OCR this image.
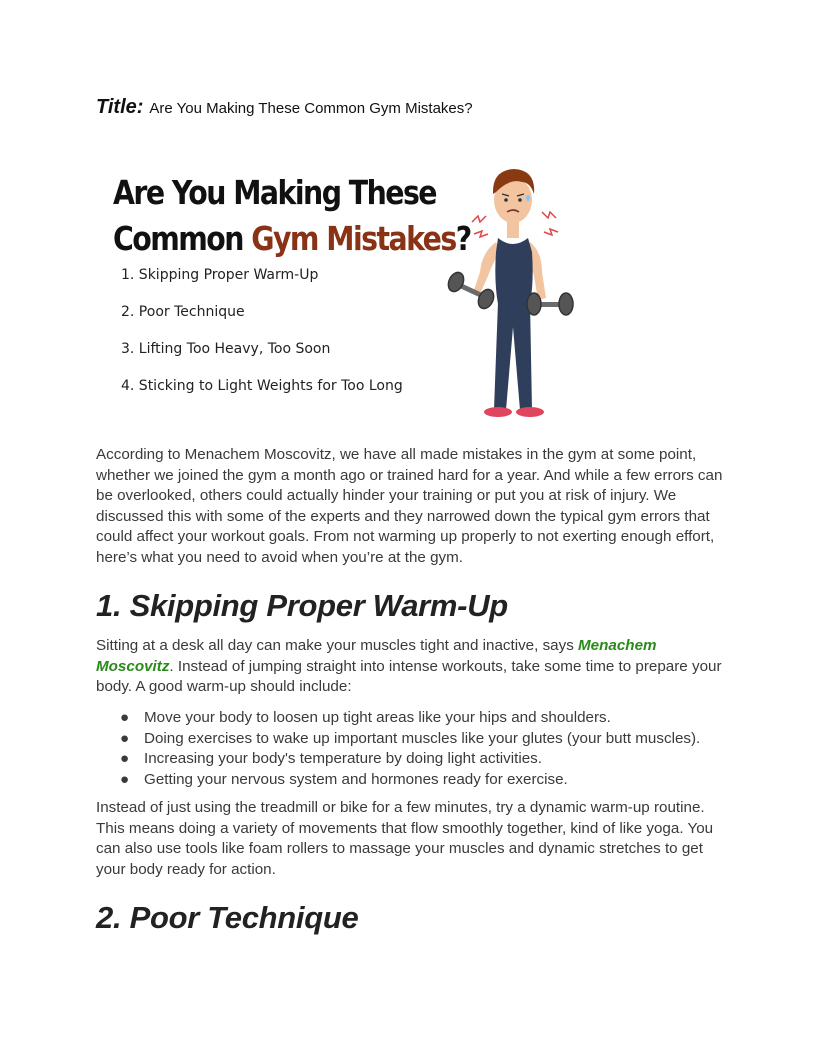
Title: Are You Making These Common Gym Mistakes?
Are You Making These
Common Gym Mistakes?
1. Skipping Proper Warm-Up
2. Poor Technique
3. Lifting Too Heavy, Too Soon
4. Sticking to Light Weights for Too Long

According to Menachem Moscovitz, we have all made mistakes in the gym at some point, whether we joined the gym a month ago or trained hard for a year. And while a few errors can be overlooked, others could actually hinder your training or put you at risk of injury. We discussed this with some of the experts and they narrowed down the typical gym errors that could affect your workout goals. From not warming up properly to not exerting enough effort, here’s what you need to avoid when you’re at the gym.

1. Skipping Proper Warm-Up

Sitting at a desk all day can make your muscles tight and inactive, says Menachem Moscovitz. Instead of jumping straight into intense workouts, take some time to prepare your body. A good warm-up should include:

● Move your body to loosen up tight areas like your hips and shoulders.
● Doing exercises to wake up important muscles like your glutes (your butt muscles).
● Increasing your body's temperature by doing light activities.
● Getting your nervous system and hormones ready for exercise.

Instead of just using the treadmill or bike for a few minutes, try a dynamic warm-up routine. This means doing a variety of movements that flow smoothly together, kind of like yoga. You can also use tools like foam rollers to massage your muscles and dynamic stretches to get your body ready for action.

2. Poor Technique
